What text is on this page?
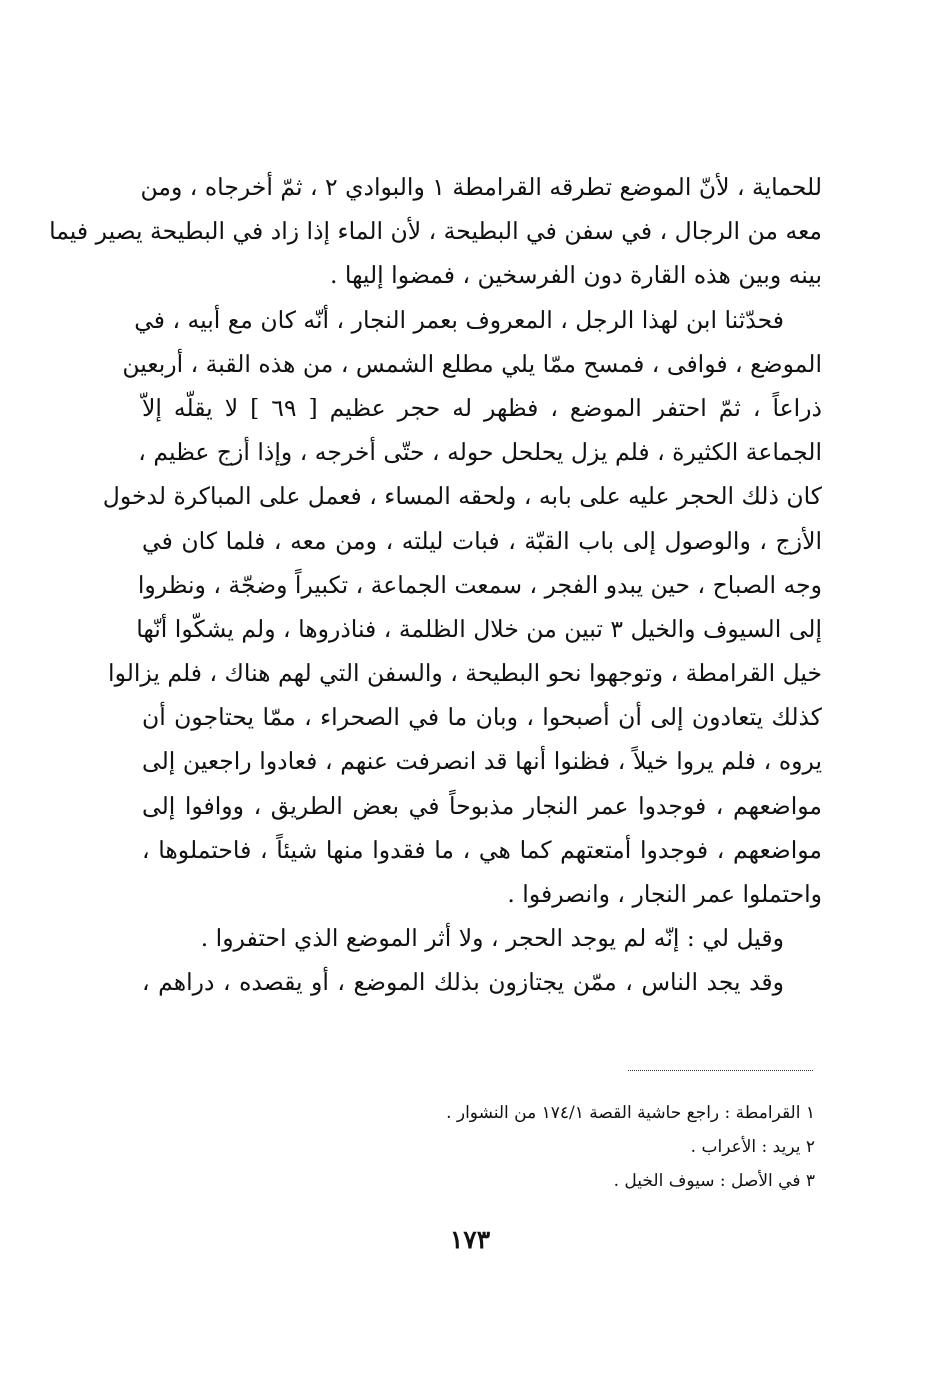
للحماية ، لأنّ الموضع تطرقه القرامطة ١ والبوادي ٢ ، ثمّ أخرجاه ، ومن
معه من الرجال ، في سفن في البطيحة ، لأن الماء إذا زاد في البطيحة يصير فيما
بينه وبين هذه القارة دون الفرسخين ، فمضوا إليها .
فحدّثنا ابن لهذا الرجل ، المعروف بعمر النجار ، أنّه كان مع أبيه ، في
الموضع ، فوافى ، فمسح ممّا يلي مطلع الشمس ، من هذه القبة ، أربعين
ذراعاً ، ثمّ احتفر الموضع ، فظهر له حجر عظيم [ ٦٩ ] لا يقلّه إلاّ
الجماعة الكثيرة ، فلم يزل يحلحل حوله ، حتّى أخرجه ، وإذا أزج عظيم ،
كان ذلك الحجر عليه على بابه ، ولحقه المساء ، فعمل على المباكرة لدخول
الأزج ، والوصول إلى باب القبّة ، فبات ليلته ، ومن معه ، فلما كان في
وجه الصباح ، حين يبدو الفجر ، سمعت الجماعة ، تكبيراً وضجّة ، ونظروا
إلى السيوف والخيل ٣ تبين من خلال الظلمة ، فناذروها ، ولم يشكّوا أنّها
خيل القرامطة ، وتوجهوا نحو البطيحة ، والسفن التي لهم هناك ، فلم يزالوا
كذلك يتعادون إلى أن أصبحوا ، وبان ما في الصحراء ، ممّا يحتاجون أن
يروه ، فلم يروا خيلاً ، فظنوا أنها قد انصرفت عنهم ، فعادوا راجعين إلى
مواضعهم ، فوجدوا عمر النجار مذبوحاً في بعض الطريق ، ووافوا إلى
مواضعهم ، فوجدوا أمتعتهم كما هي ، ما فقدوا منها شيئاً ، فاحتملوها ،
واحتملوا عمر النجار ، وانصرفوا .
وقيل لي : إنّه لم يوجد الحجر ، ولا أثر الموضع الذي احتفروا .
وقد يجد الناس ، ممّن يجتازون بذلك الموضع ، أو يقصده ، دراهم ،
١ القرامطة : راجع حاشية القصة ١٧٤/١ من النشوار .
٢ يريد : الأعراب .
٣ في الأصل : سيوف الخيل .
١٧٣
